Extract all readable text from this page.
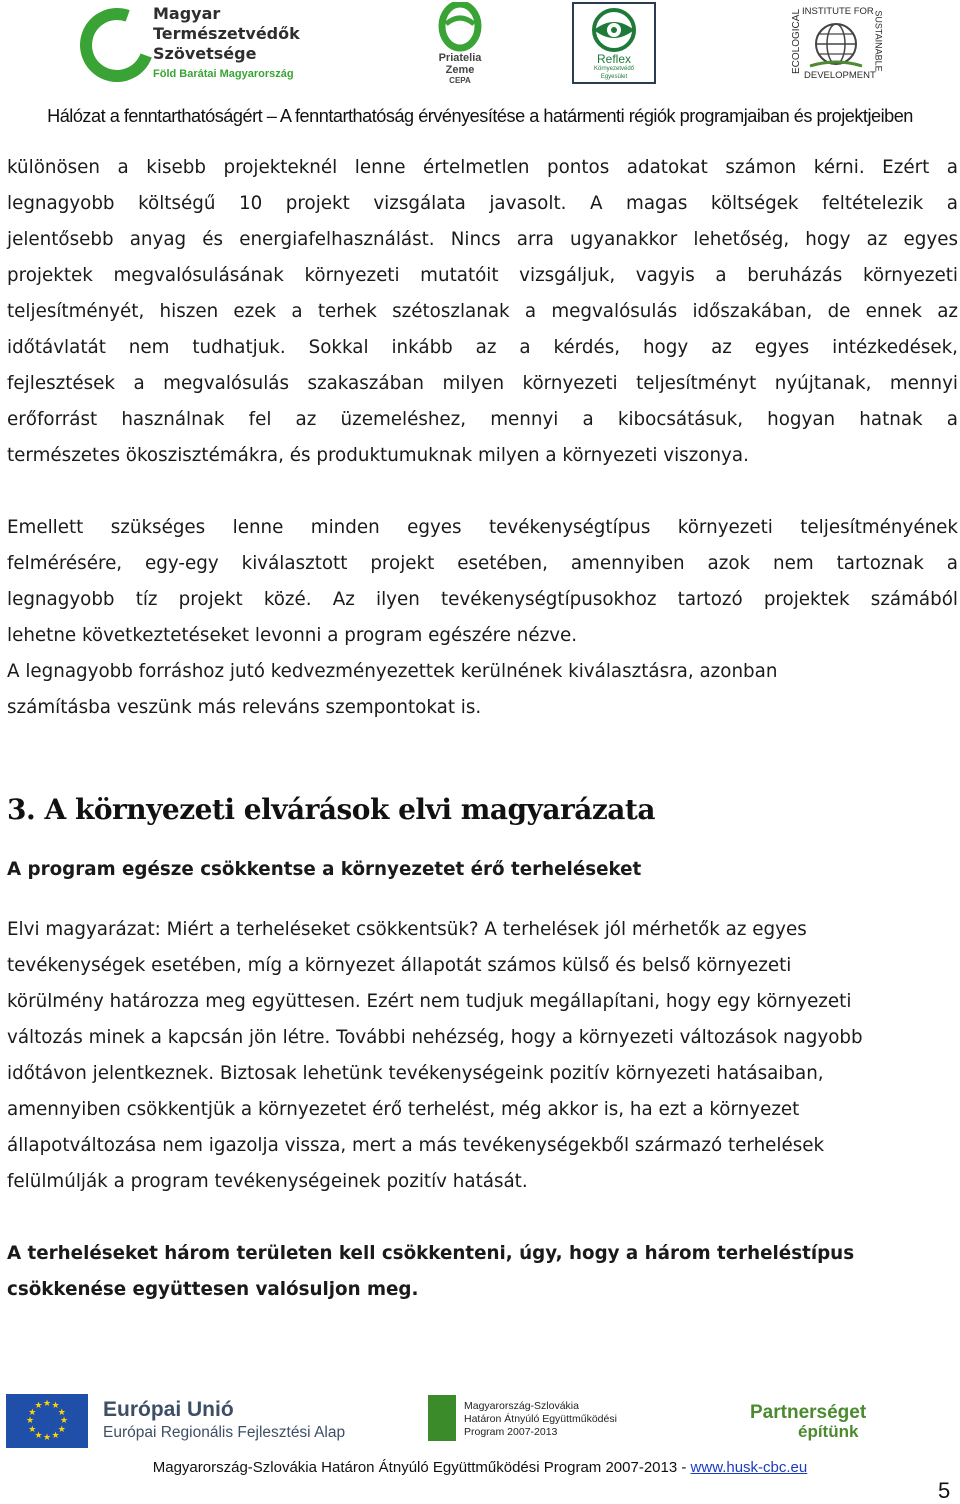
Magyar
Természetvédők
Szövetsége
Föld Barátai Magyarország
Priatelia
Zeme
CEPA
Reflex
Környezetvédő
Egyesület
ECOLOGICAL INSTITUTE FOR SUSTAINABLE
DEVELOPMENT
Hálózat a fenntarthatóságért – A fenntarthatóság érvényesítése a határmenti régiók programjaiban és projektjeiben
különösen a kisebb projekteknél lenne értelmetlen pontos adatokat számon kérni. Ezért a
legnagyobb költségű 10 projekt vizsgálata javasolt. A magas költségek feltételezik a
jelentősebb anyag és energiafelhasználást. Nincs arra ugyanakkor lehetőség, hogy az egyes
projektek megvalósulásának környezeti mutatóit vizsgáljuk, vagyis a beruházás környezeti
teljesítményét, hiszen ezek a terhek szétoszlanak a megvalósulás időszakában, de ennek az
időtávlatát nem tudhatjuk. Sokkal inkább az a kérdés, hogy az egyes intézkedések,
fejlesztések a megvalósulás szakaszában milyen környezeti teljesítményt nyújtanak, mennyi
erőforrást használnak fel az üzemeléshez, mennyi a kibocsátásuk, hogyan hatnak a
természetes ökoszisztémákra, és produktumuknak milyen a környezeti viszonya.
Emellett szükséges lenne minden egyes tevékenységtípus környezeti teljesítményének
felmérésére, egy-egy kiválasztott projekt esetében, amennyiben azok nem tartoznak a
legnagyobb tíz projekt közé. Az ilyen tevékenységtípusokhoz tartozó projektek számából
lehetne következtetéseket levonni a program egészére nézve.
A legnagyobb forráshoz jutó kedvezményezettek kerülnének kiválasztásra, azonban
számításba veszünk más releváns szempontokat is.
3. A környezeti elvárások elvi magyarázata
A program egésze csökkentse a környezetet érő terheléseket
Elvi magyarázat: Miért a terheléseket csökkentsük? A terhelések jól mérhetők az egyes
tevékenységek esetében, míg a környezet állapotát számos külső és belső környezeti
körülmény határozza meg együttesen. Ezért nem tudjuk megállapítani, hogy egy környezeti
változás minek a kapcsán jön létre. További nehézség, hogy a környezeti változások nagyobb
időtávon jelentkeznek. Biztosak lehetünk tevékenységeink pozitív környezeti hatásaiban,
amennyiben csökkentjük a környezetet érő terhelést, még akkor is, ha ezt a környezet
állapotváltozása nem igazolja vissza, mert a más tevékenységekből származó terhelések
felülmúlják a program tevékenységeinek pozitív hatását.
A terheléseket három területen kell csökkenteni, úgy, hogy a három terheléstípus
csökkenése együttesen valósuljon meg.
★ ★
★
★
★
★
★
★
★
★
★
★	Európai Unió
Európai Regionális Fejlesztési Alap
Magyarország-Szlovákia
Határon Átnyúló Együttműködési
Program 2007-2013
Partnerséget
építünk
Magyarország-Szlovákia Határon Átnyúló Együttműködési Program 2007-2013 - www.husk-cbc.eu
5
